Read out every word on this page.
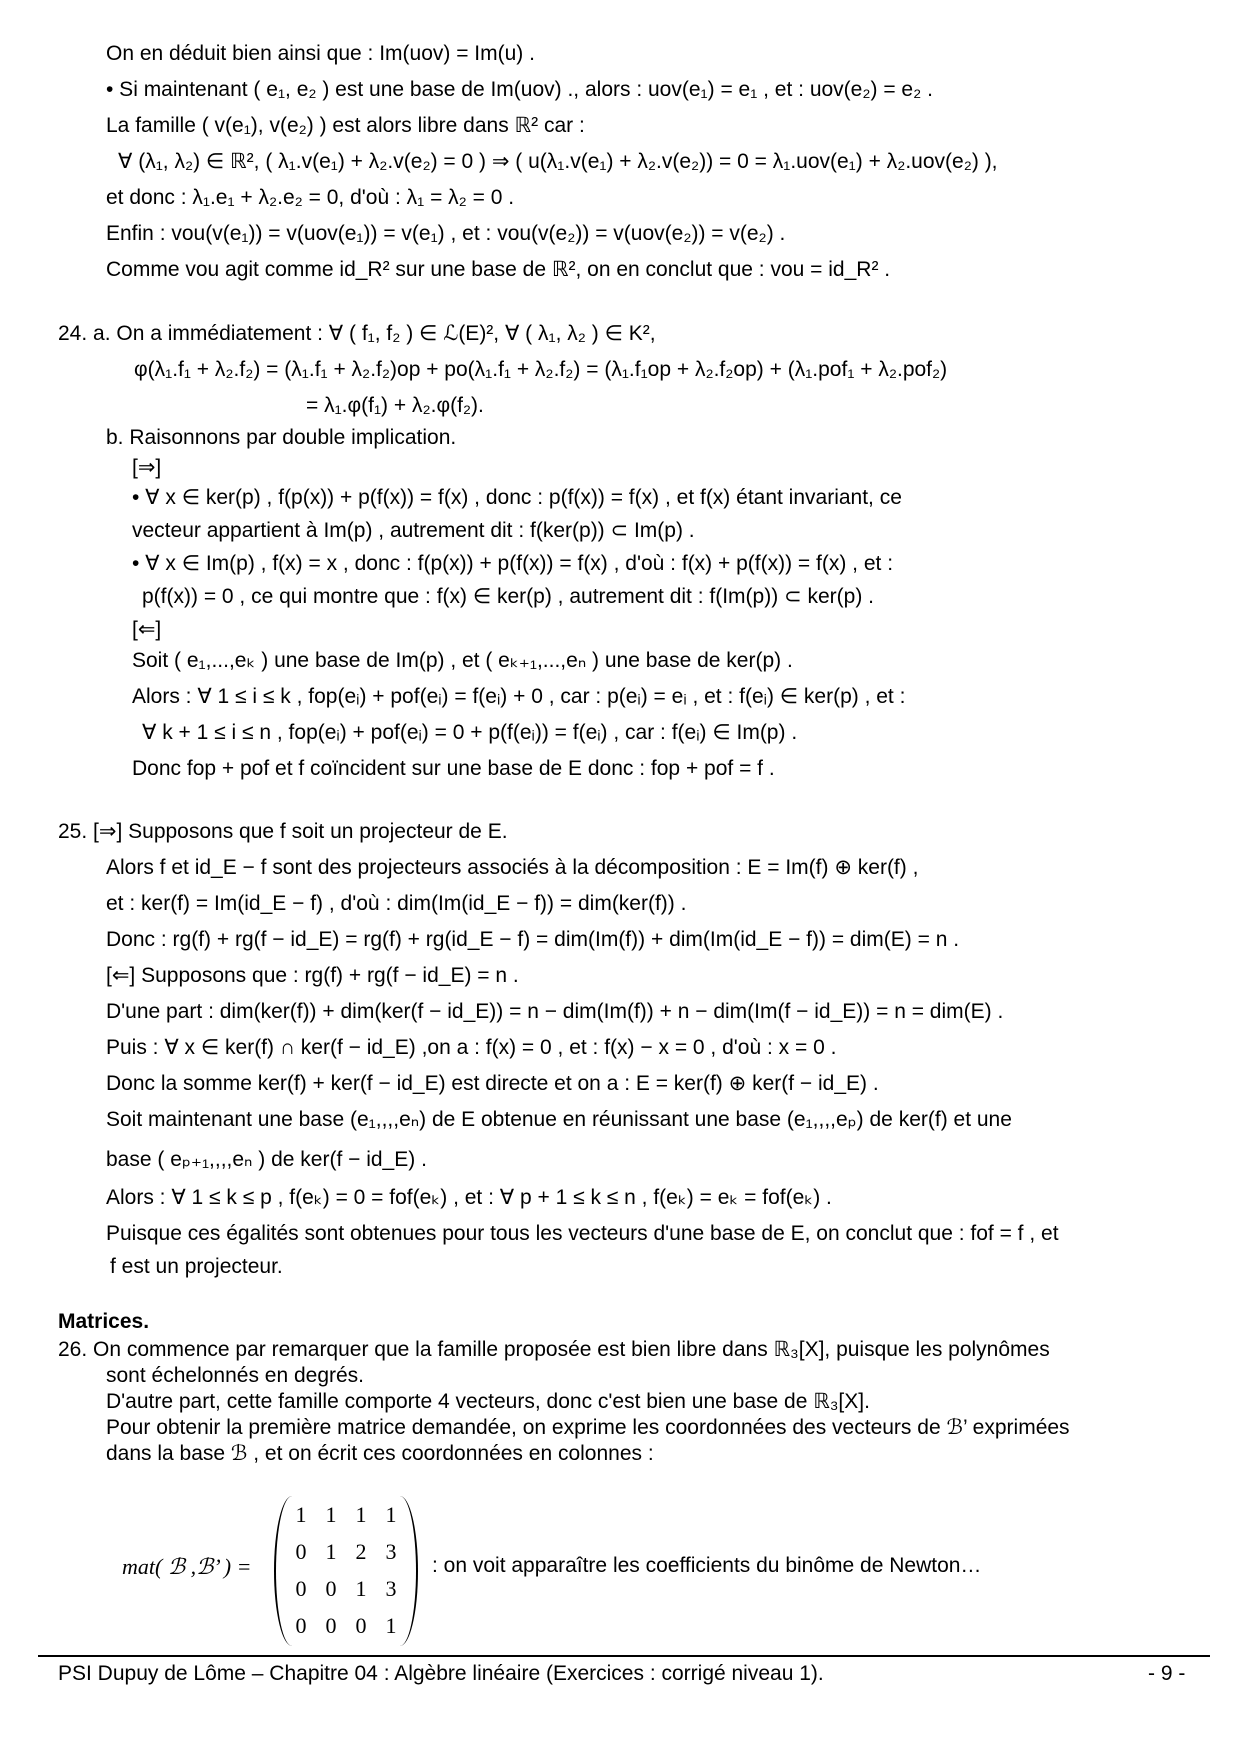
On en déduit bien ainsi que : Im(uov) = Im(u) .
• Si maintenant ( e₁, e₂ ) est une base de Im(uov) ., alors : uov(e₁) = e₁ , et : uov(e₂) = e₂ .
La famille ( v(e₁), v(e₂) ) est alors libre dans ℝ² car :
∀ (λ₁, λ₂) ∈ ℝ², ( λ₁.v(e₁) + λ₂.v(e₂) = 0 ) ⇒ ( u(λ₁.v(e₁) + λ₂.v(e₂)) = 0 = λ₁.uov(e₁) + λ₂.uov(e₂) ),
et donc : λ₁.e₁ + λ₂.e₂ = 0, d'où : λ₁ = λ₂ = 0 .
Enfin : vou(v(e₁)) = v(uov(e₁)) = v(e₁) , et : vou(v(e₂)) = v(uov(e₂)) = v(e₂) .
Comme vou agit comme id_R² sur une base de ℝ², on en conclut que : vou = id_R² .
24. a. On a immédiatement : ∀ ( f₁, f₂ ) ∈ ℒ(E)², ∀ ( λ₁, λ₂ ) ∈ K²,
φ(λ₁.f₁ + λ₂.f₂) = (λ₁.f₁ + λ₂.f₂)op + po(λ₁.f₁ + λ₂.f₂) = (λ₁.f₁op + λ₂.f₂op) + (λ₁.pof₁ + λ₂.pof₂)
= λ₁.φ(f₁) + λ₂.φ(f₂).
b. Raisonnons par double implication.
[⇒]
• ∀ x ∈ ker(p) , f(p(x)) + p(f(x)) = f(x) , donc : p(f(x)) = f(x) , et f(x) étant invariant, ce
vecteur appartient à Im(p) , autrement dit : f(ker(p)) ⊂ Im(p) .
• ∀ x ∈ Im(p) , f(x) = x , donc : f(p(x)) + p(f(x)) = f(x) , d'où : f(x) + p(f(x)) = f(x) , et :
p(f(x)) = 0 , ce qui montre que : f(x) ∈ ker(p) , autrement dit : f(Im(p)) ⊂ ker(p) .
[⇐]
Soit ( e₁,...,eₖ ) une base de Im(p) , et ( eₖ₊₁,...,eₙ ) une base de ker(p) .
Alors : ∀ 1 ≤ i ≤ k , fop(eᵢ) + pof(eᵢ) = f(eᵢ) + 0 , car : p(eᵢ) = eᵢ , et : f(eᵢ) ∈ ker(p) , et :
∀ k + 1 ≤ i ≤ n , fop(eᵢ) + pof(eᵢ) = 0 + p(f(eᵢ)) = f(eᵢ) , car : f(eᵢ) ∈ Im(p) .
Donc fop + pof et f coïncident sur une base de E donc : fop + pof = f .
25. [⇒] Supposons que f soit un projecteur de E.
Alors f et id_E − f sont des projecteurs associés à la décomposition : E = Im(f) ⊕ ker(f) ,
et : ker(f) = Im(id_E − f) , d'où : dim(Im(id_E − f)) = dim(ker(f)) .
Donc : rg(f) + rg(f − id_E) = rg(f) + rg(id_E − f) = dim(Im(f)) + dim(Im(id_E − f)) = dim(E) = n .
[⇐] Supposons que : rg(f) + rg(f − id_E) = n .
D'une part : dim(ker(f)) + dim(ker(f − id_E)) = n − dim(Im(f)) + n − dim(Im(f − id_E)) = n = dim(E) .
Puis : ∀ x ∈ ker(f) ∩ ker(f − id_E) ,on a : f(x) = 0 , et : f(x) − x = 0 , d'où : x = 0 .
Donc la somme ker(f) + ker(f − id_E) est directe et on a : E = ker(f) ⊕ ker(f − id_E) .
Soit maintenant une base (e₁,,,,eₙ) de E obtenue en réunissant une base (e₁,,,,eₚ) de ker(f) et une
base ( eₚ₊₁,,,,eₙ ) de ker(f − id_E) .
Alors : ∀ 1 ≤ k ≤ p , f(eₖ) = 0 = fof(eₖ) , et : ∀ p + 1 ≤ k ≤ n , f(eₖ) = eₖ = fof(eₖ) .
Puisque ces égalités sont obtenues pour tous les vecteurs d'une base de E, on conclut que : fof = f , et
f est un projecteur.
Matrices.
26. On commence par remarquer que la famille proposée est bien libre dans ℝ₃[X], puisque les polynômes
sont échelonnés en degrés.
D'autre part, cette famille comporte 4 vecteurs, donc c'est bien une base de ℝ₃[X].
Pour obtenir la première matrice demandée, on exprime les coordonnées des vecteurs de ℬ’ exprimées
dans la base ℬ , et on écrit ces coordonnées en colonnes :
mat( ℬ ,ℬ’ ) =
1	1	1	1
0	1	2	3
0	0	1	3
0	0	0	1
: on voit apparaître les coefficients du binôme de Newton…
PSI Dupuy de Lôme – Chapitre 04 : Algèbre linéaire (Exercices : corrigé niveau 1).	- 9 -
